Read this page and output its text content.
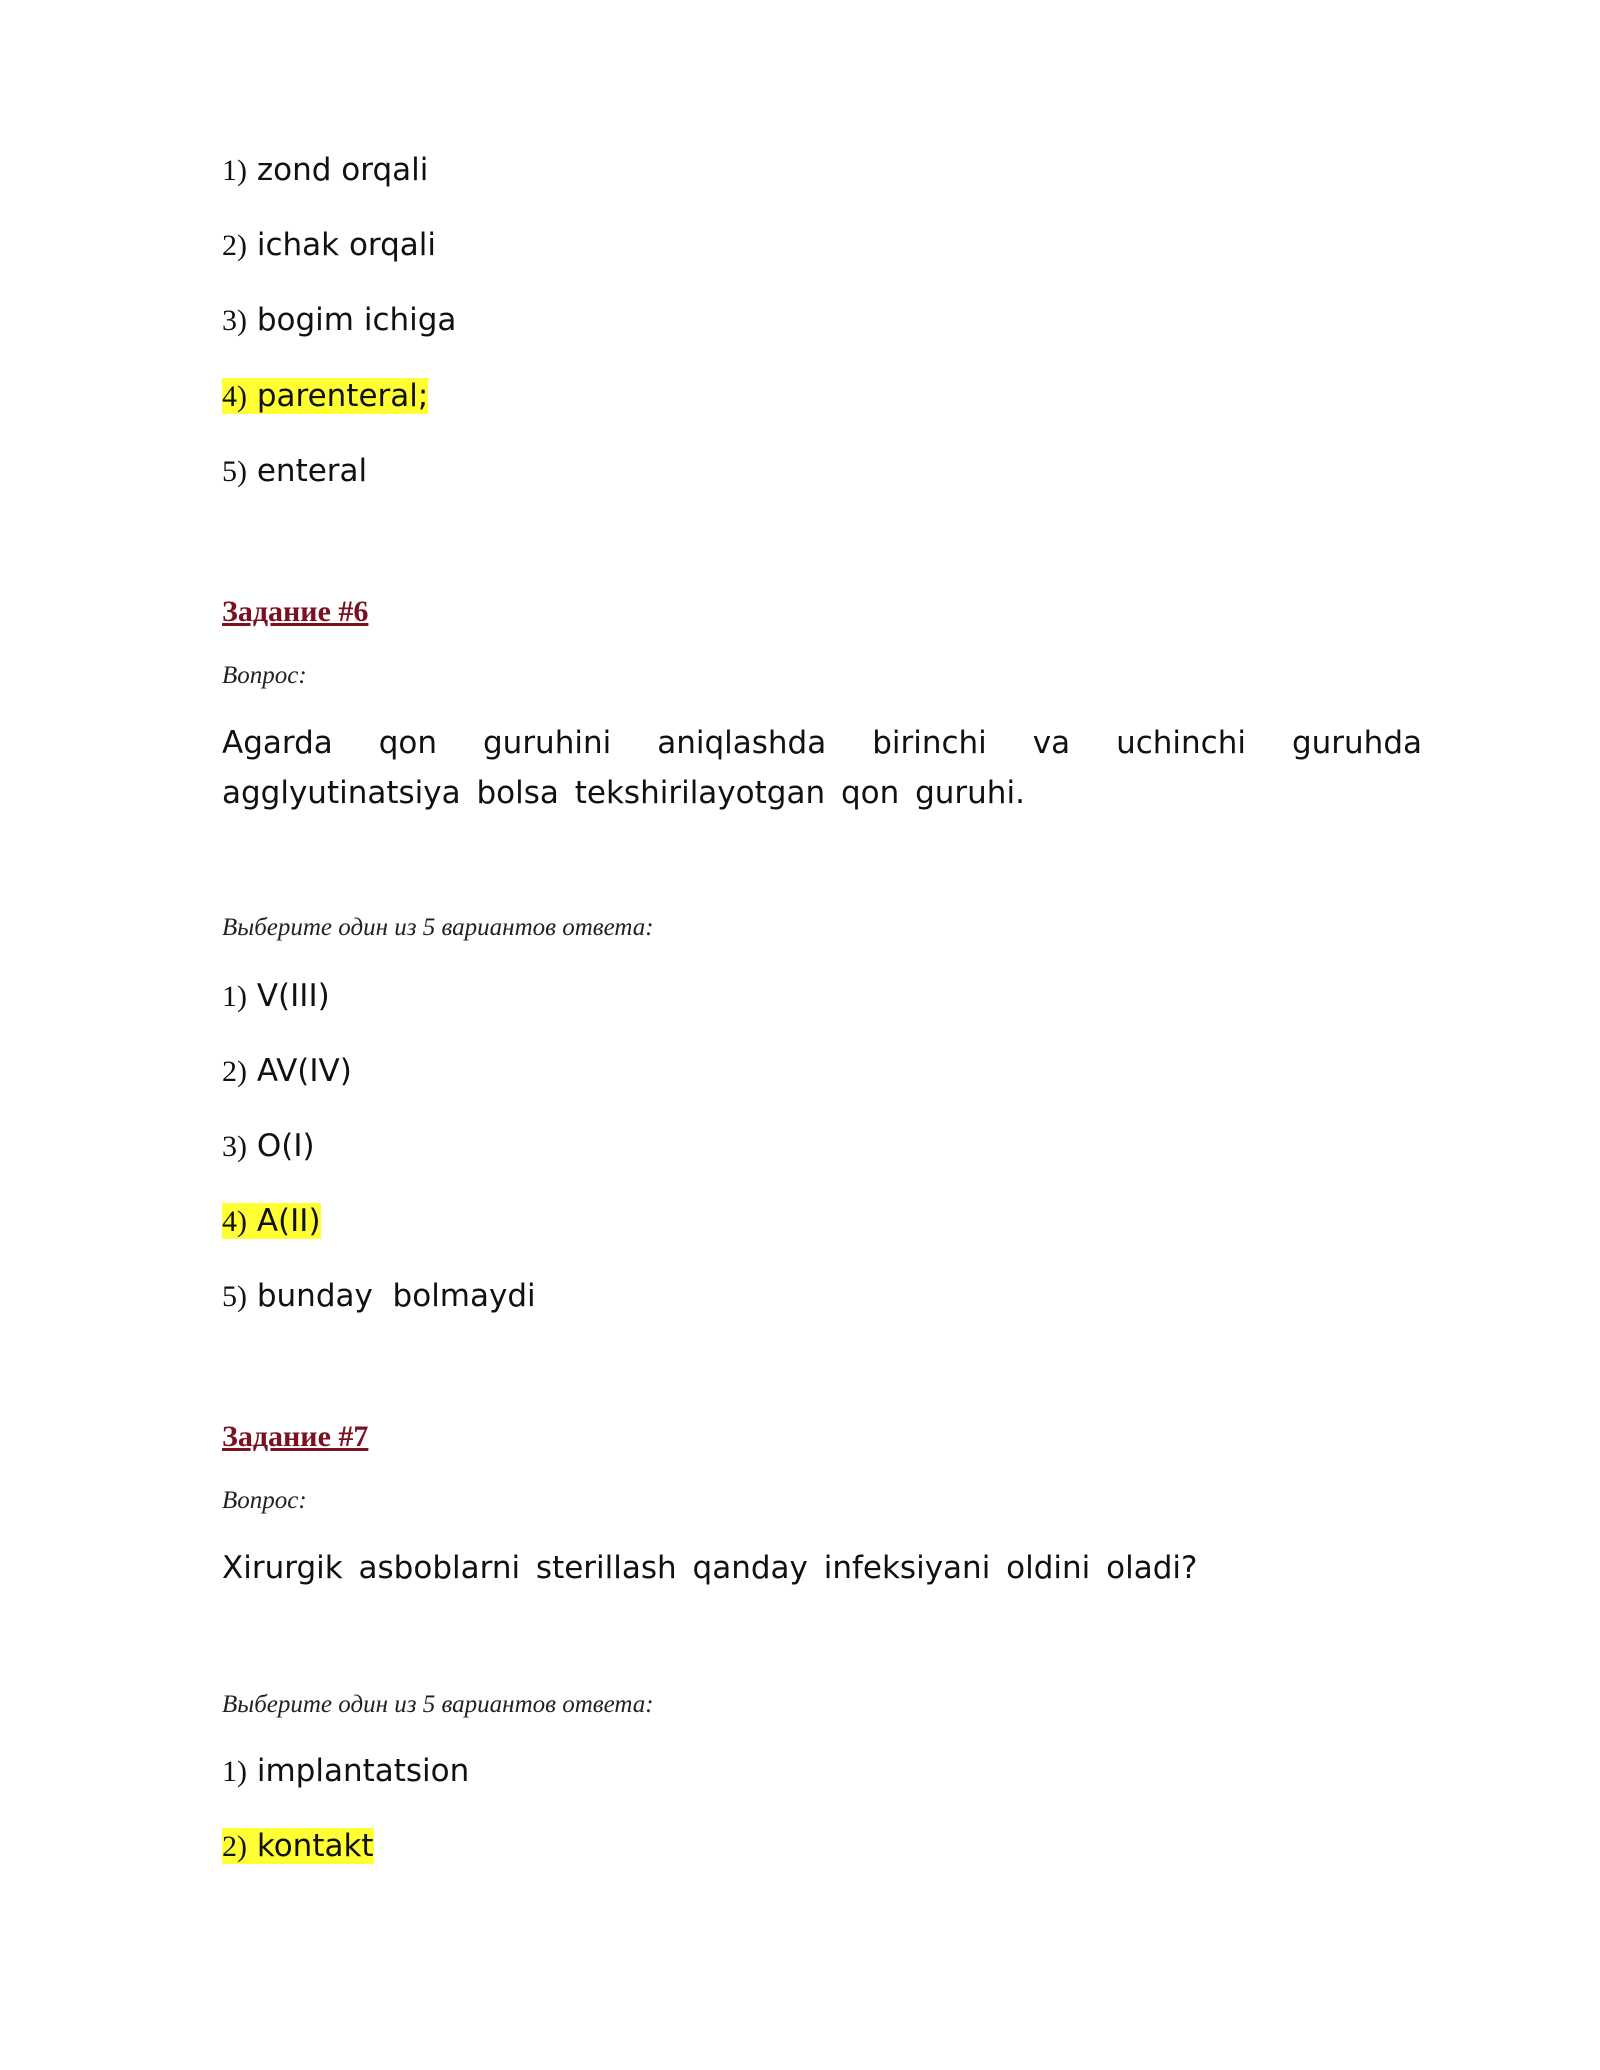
1) zond orqali
2) ichak orqali
3) bogim ichiga
4) parenteral;
5) enteral
Задание #6
Вопрос:
Agarda qon guruhini aniqlashda birinchi va uchinchi guruhda agglyutinatsiya bolsa tekshirilayotgan qon guruhi.
Выберите один из 5 вариантов ответа:
1) V(III)
2) AV(IV)
3) O(I)
4) A(II)
5) bunday  bolmaydi
Задание #7
Вопрос:
Xirurgik asboblarni sterillash qanday infeksiyani oldini oladi?
Выберите один из 5 вариантов ответа:
1) implantatsion
2) kontakt
